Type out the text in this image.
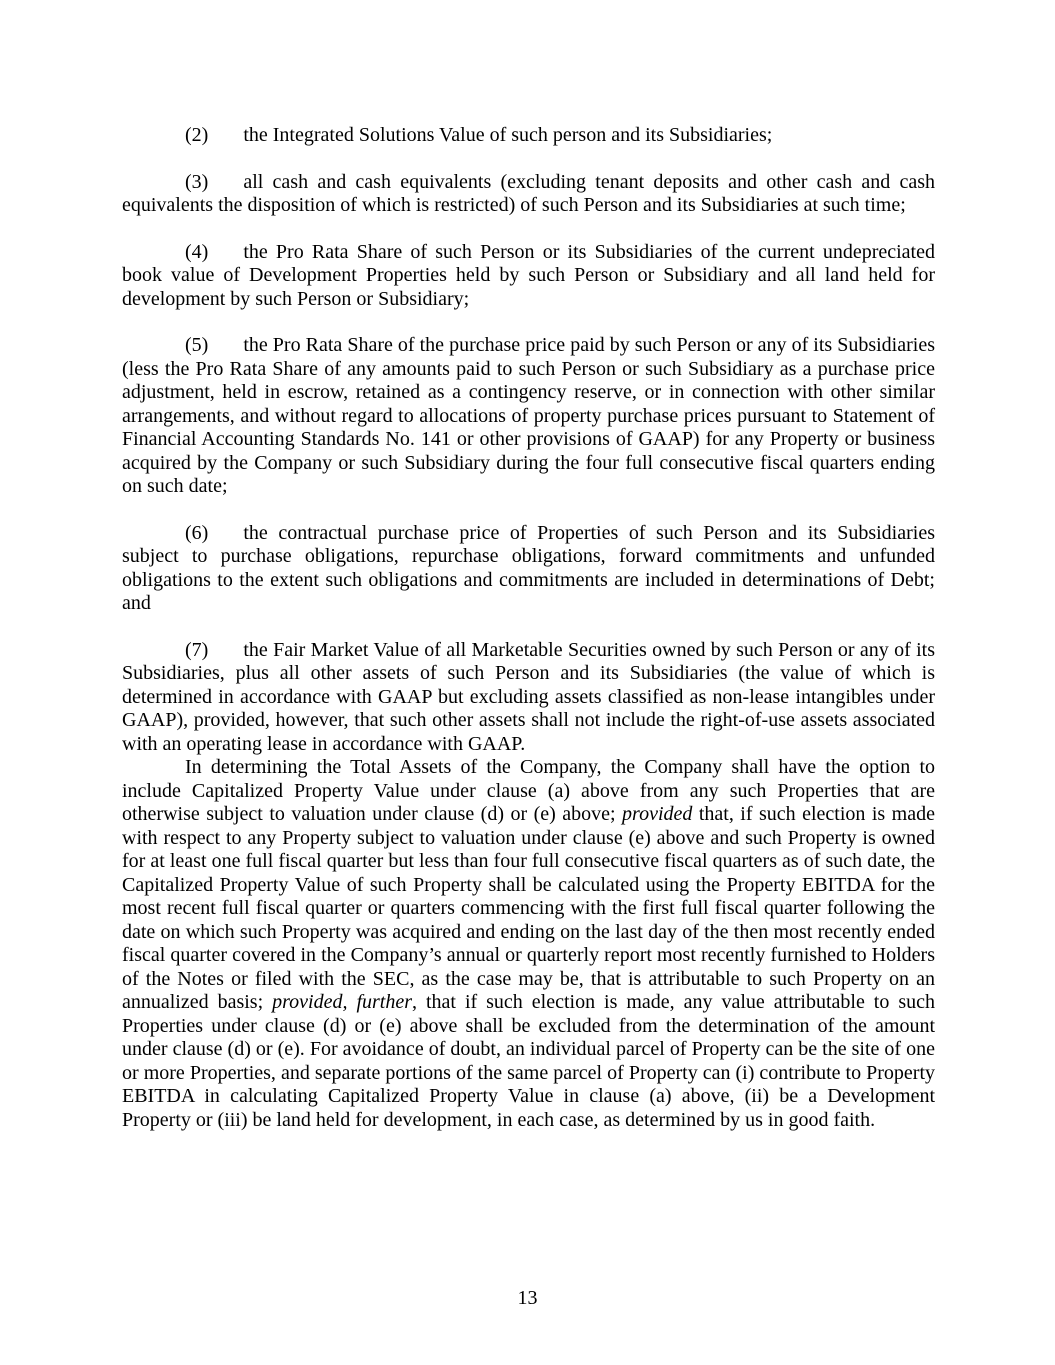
(2) the Integrated Solutions Value of such person and its Subsidiaries;

(3) all cash and cash equivalents (excluding tenant deposits and other cash and cash equivalents the disposition of which is restricted) of such Person and its Subsidiaries at such time;

(4) the Pro Rata Share of such Person or its Subsidiaries of the current undepreciated book value of Development Properties held by such Person or Subsidiary and all land held for development by such Person or Subsidiary;

(5) the Pro Rata Share of the purchase price paid by such Person or any of its Subsidiaries (less the Pro Rata Share of any amounts paid to such Person or such Subsidiary as a purchase price adjustment, held in escrow, retained as a contingency reserve, or in connection with other similar arrangements, and without regard to allocations of property purchase prices pursuant to Statement of Financial Accounting Standards No. 141 or other provisions of GAAP) for any Property or business acquired by the Company or such Subsidiary during the four full consecutive fiscal quarters ending on such date;

(6) the contractual purchase price of Properties of such Person and its Subsidiaries subject to purchase obligations, repurchase obligations, forward commitments and unfunded obligations to the extent such obligations and commitments are included in determinations of Debt; and

(7) the Fair Market Value of all Marketable Securities owned by such Person or any of its Subsidiaries, plus all other assets of such Person and its Subsidiaries (the value of which is determined in accordance with GAAP but excluding assets classified as non-lease intangibles under GAAP), provided, however, that such other assets shall not include the right-of-use assets associated with an operating lease in accordance with GAAP.

In determining the Total Assets of the Company, the Company shall have the option to include Capitalized Property Value under clause (a) above from any such Properties that are otherwise subject to valuation under clause (d) or (e) above; provided that, if such election is made with respect to any Property subject to valuation under clause (e) above and such Property is owned for at least one full fiscal quarter but less than four full consecutive fiscal quarters as of such date, the Capitalized Property Value of such Property shall be calculated using the Property EBITDA for the most recent full fiscal quarter or quarters commencing with the first full fiscal quarter following the date on which such Property was acquired and ending on the last day of the then most recently ended fiscal quarter covered in the Company’s annual or quarterly report most recently furnished to Holders of the Notes or filed with the SEC, as the case may be, that is attributable to such Property on an annualized basis; provided, further, that if such election is made, any value attributable to such Properties under clause (d) or (e) above shall be excluded from the determination of the amount under clause (d) or (e). For avoidance of doubt, an individual parcel of Property can be the site of one or more Properties, and separate portions of the same parcel of Property can (i) contribute to Property EBITDA in calculating Capitalized Property Value in clause (a) above, (ii) be a Development Property or (iii) be land held for development, in each case, as determined by us in good faith.

13
